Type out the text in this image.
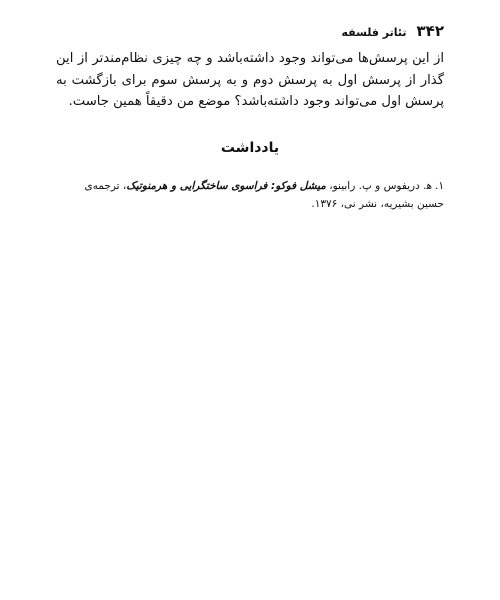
۳۴۲
تئاتر فلسفه

از این پرسش‌ها می‌تواند وجود داشته‌باشد و چه چیزی نظام‌مندتر از این گذار از پرسش اول به پرسش دوم و به پرسش سوم برای بازگشت به پرسش اول می‌تواند وجود داشته‌باشد؟ موضع من دقیقاً همین جاست.

یادداشت
۱.ﻫ. دریفوس و پ. رابینو، میشل فوکو: فراسوی ساختگرایی و هرمنوتیک، ترجمه‌ی حسین بشیریه، نشر نی، ۱۳۷۶.
